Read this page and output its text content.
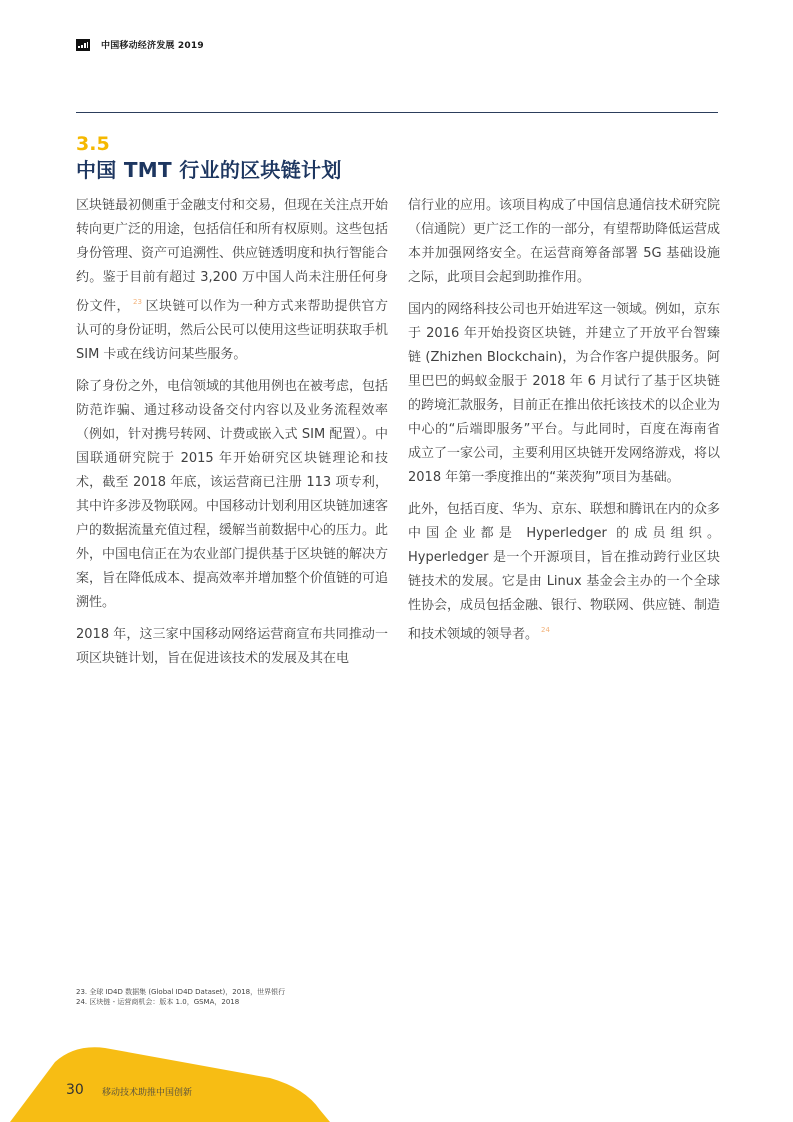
中国移动经济发展 2019
3.5
中国 TMT 行业的区块链计划

区块链最初侧重于金融支付和交易，但现在关注点开始转向更广泛的用途，包括信任和所有权原则。这些包括身份管理、资产可追溯性、供应链透明度和执行智能合约。鉴于目前有超过 3,200 万中国人尚未注册任何身份文件， $^{23}$ 区块链可以作为一种方式来帮助提供官方认可的身份证明，然后公民可以使用这些证明获取手机 SIM 卡或在线访问某些服务。

除了身份之外，电信领域的其他用例也在被考虑，包括防范诈骗、通过移动设备交付内容以及业务流程效率（例如，针对携号转网、计费或嵌入式 SIM 配置）。中国联通研究院于 2015 年开始研究区块链理论和技术，截至 2018 年底，该运营商已注册 113 项专利，其中许多涉及物联网。中国移动计划利用区块链加速客户的数据流量充值过程，缓解当前数据中心的压力。此外，中国电信正在为农业部门提供基于区块链的解决方案，旨在降低成本、提高效率并增加整个价值链的可追溯性。

2018 年，这三家中国移动网络运营商宣布共同推动一项区块链计划，旨在促进该技术的发展及其在电

信行业的应用。该项目构成了中国信息通信技术研究院（信通院）更广泛工作的一部分，有望帮助降低运营成本并加强网络安全。在运营商筹备部署 5G 基础设施之际，此项目会起到助推作用。

国内的网络科技公司也开始进军这一领域。例如，京东于 2016 年开始投资区块链，并建立了开放平台智臻链 (Zhizhen Blockchain)，为合作客户提供服务。阿里巴巴的蚂蚁金服于 2018 年 6 月试行了基于区块链的跨境汇款服务，目前正在推出依托该技术的以企业为中心的“后端即服务”平台。与此同时，百度在海南省成立了一家公司，主要利用区块链开发网络游戏，将以 2018 年第一季度推出的“莱茨狗”项目为基础。

此外，包括百度、华为、京东、联想和腾讯在内的众多中国企业都是 Hyperledger 的成员组织。Hyperledger 是一个开源项目，旨在推动跨行业区块链技术的发展。它是由 Linux 基金会主办的一个全球性协会，成员包括金融、银行、物联网、供应链、制造和技术领域的领导者。 $^{24}$

23. 全球 ID4D 数据集 (Global ID4D Dataset)，2018，世界银行
24. 区块链 - 运营商机会：版本 1.0，GSMA，2018
30 移动技术助推中国创新
